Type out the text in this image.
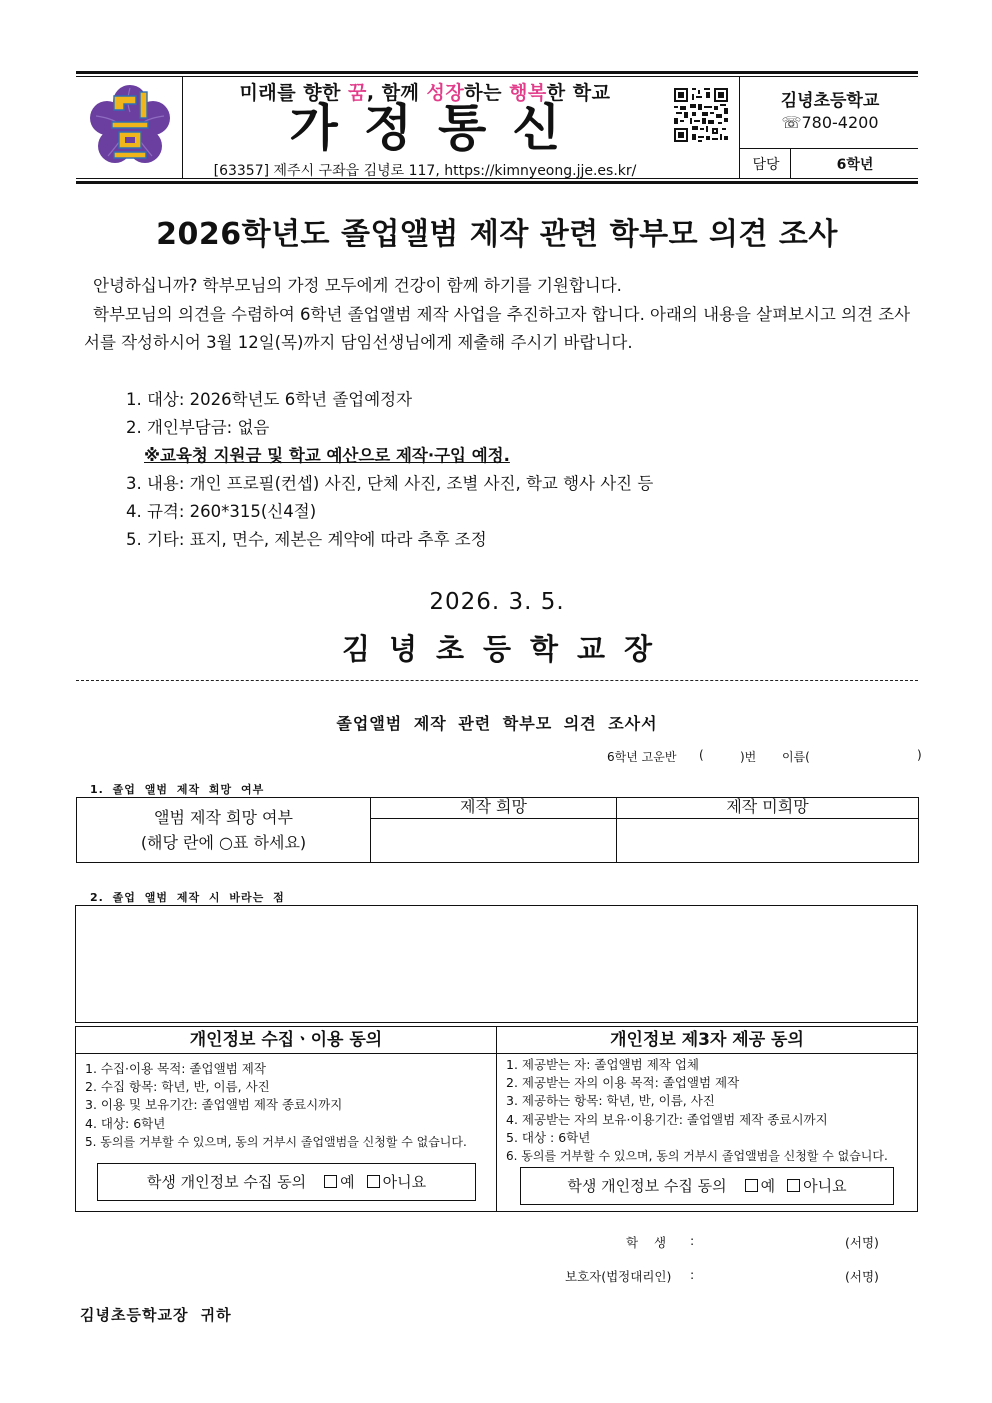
미래를 향한 꿈, 함께 성장하는 행복한 학교
가정통신
[63357] 제주시 구좌읍 김녕로 117, https://kimnyeong.jje.es.kr/
김녕초등학교
☏780-4200
담당	6학년
2026학년도 졸업앨범 제작 관련 학부모 의견 조사

안녕하십니까? 학부모님의 가정 모두에게 건강이 함께 하기를 기원합니다.

학부모님의 의견을 수렴하여 6학년 졸업앨범 제작 사업을 추진하고자 합니다. 아래의 내용을 살펴보시고 의견 조사서를 작성하시어 3월 12일(목)까지 담임선생님에게 제출해 주시기 바랍니다.

1. 대상: 2026학년도 6학년 졸업예정자
2. 개인부담금: 없음
※교육청 지원금 및 학교 예산으로 제작·구입 예정.
3. 내용: 개인 프로필(컨셉) 사진, 단체 사진, 조별 사진, 학교 행사 사진 등
4. 규격: 260*315(신4절)
5. 기타: 표지, 면수, 제본은 계약에 따라 추후 조정
2026. 3. 5.
김녕초등학교장
졸업앨범 제작 관련 학부모 의견 조사서
6학년 고운반 (	)번 이름(	)
1. 졸업 앨범 제작 희망 여부
앨범 제작 희망 여부
(해당 란에 ○표 하세요)	제작 희망	제작 미희망

2. 졸업 앨범 제작 시 바라는 점
개인정보 수집ㆍ이용 동의
1. 수집·이용 목적: 졸업앨범 제작
2. 수집 항목: 학년, 반, 이름, 사진
3. 이용 및 보유기간: 졸업앨범 제작 종료시까지
4. 대상: 6학년
5. 동의를 거부할 수 있으며, 동의 거부시 졸업앨범을 신청할 수 없습니다.
학생 개인정보 수집 동의 예 아니요
개인정보 제3자 제공 동의
1. 제공받는 자: 졸업앨범 제작 업체
2. 제공받는 자의 이용 목적: 졸업앨범 제작
3. 제공하는 항목: 학년, 반, 이름, 사진
4. 제공받는 자의 보유·이용기간: 졸업앨범 제작 종료시까지
5. 대상 : 6학년
6. 동의를 거부할 수 있으며, 동의 거부시 졸업앨범을 신청할 수 없습니다.
학생 개인정보 수집 동의 예 아니요
학    생 :	(서명)
보호자(법정대리인) :	(서명)
김녕초등학교장 귀하
